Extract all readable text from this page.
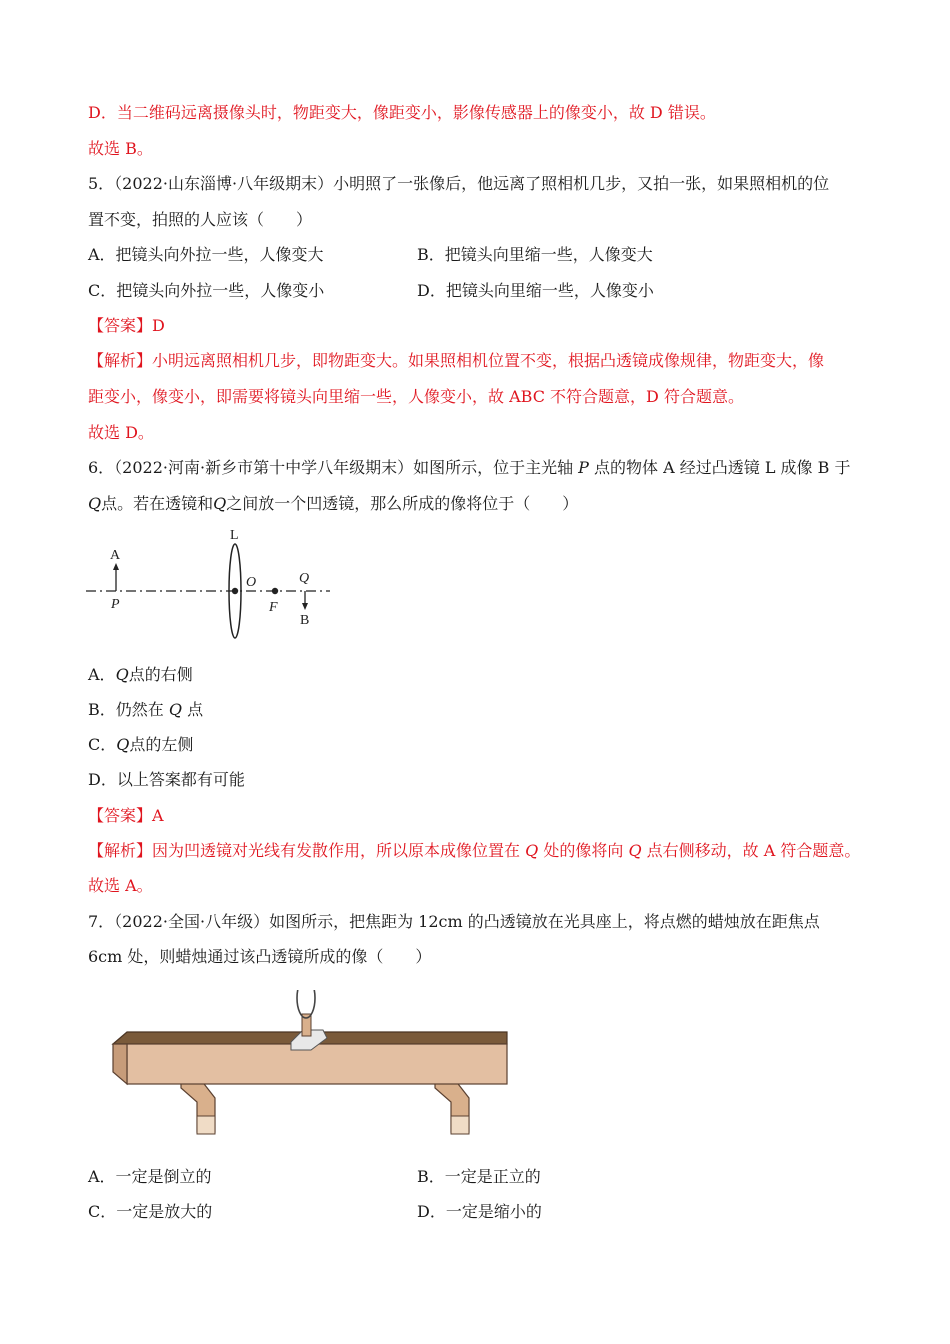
D．当二维码远离摄像头时，物距变大，像距变小，影像传感器上的像变小，故 D 错误。
故选 B。
5．（2022·山东淄博·八年级期末）小明照了一张像后，他远离了照相机几步，又拍一张，如果照相机的位
置不变，拍照的人应该（　　）
A．把镜头向外拉一些，人像变大	B．把镜头向里缩一些，人像变大
C．把镜头向外拉一些，人像变小	D．把镜头向里缩一些，人像变小
【答案】D
【解析】小明远离照相机几步，即物距变大。如果照相机位置不变，根据凸透镜成像规律，物距变大，像
距变小，像变小，即需要将镜头向里缩一些，人像变小，故 ABC 不符合题意，D 符合题意。
故选 D。
6．（2022·河南·新乡市第十中学八年级期末）如图所示，位于主光轴 P 点的物体 A 经过凸透镜 L 成像 B 于
Q点。若在透镜和Q之间放一个凹透镜，那么所成的像将位于（　　）
A
P
L
O
F
Q
B
A．Q点的右侧
B．仍然在 Q 点
C．Q点的左侧
D．以上答案都有可能
【答案】A
【解析】因为凹透镜对光线有发散作用，所以原本成像位置在 Q 处的像将向 Q 点右侧移动，故 A 符合题意。
故选 A。
7．（2022·全国·八年级）如图所示，把焦距为 12cm 的凸透镜放在光具座上，将点燃的蜡烛放在距焦点
6cm 处，则蜡烛通过该凸透镜所成的像（　　）
A．一定是倒立的	B．一定是正立的
C．一定是放大的	D．一定是缩小的
